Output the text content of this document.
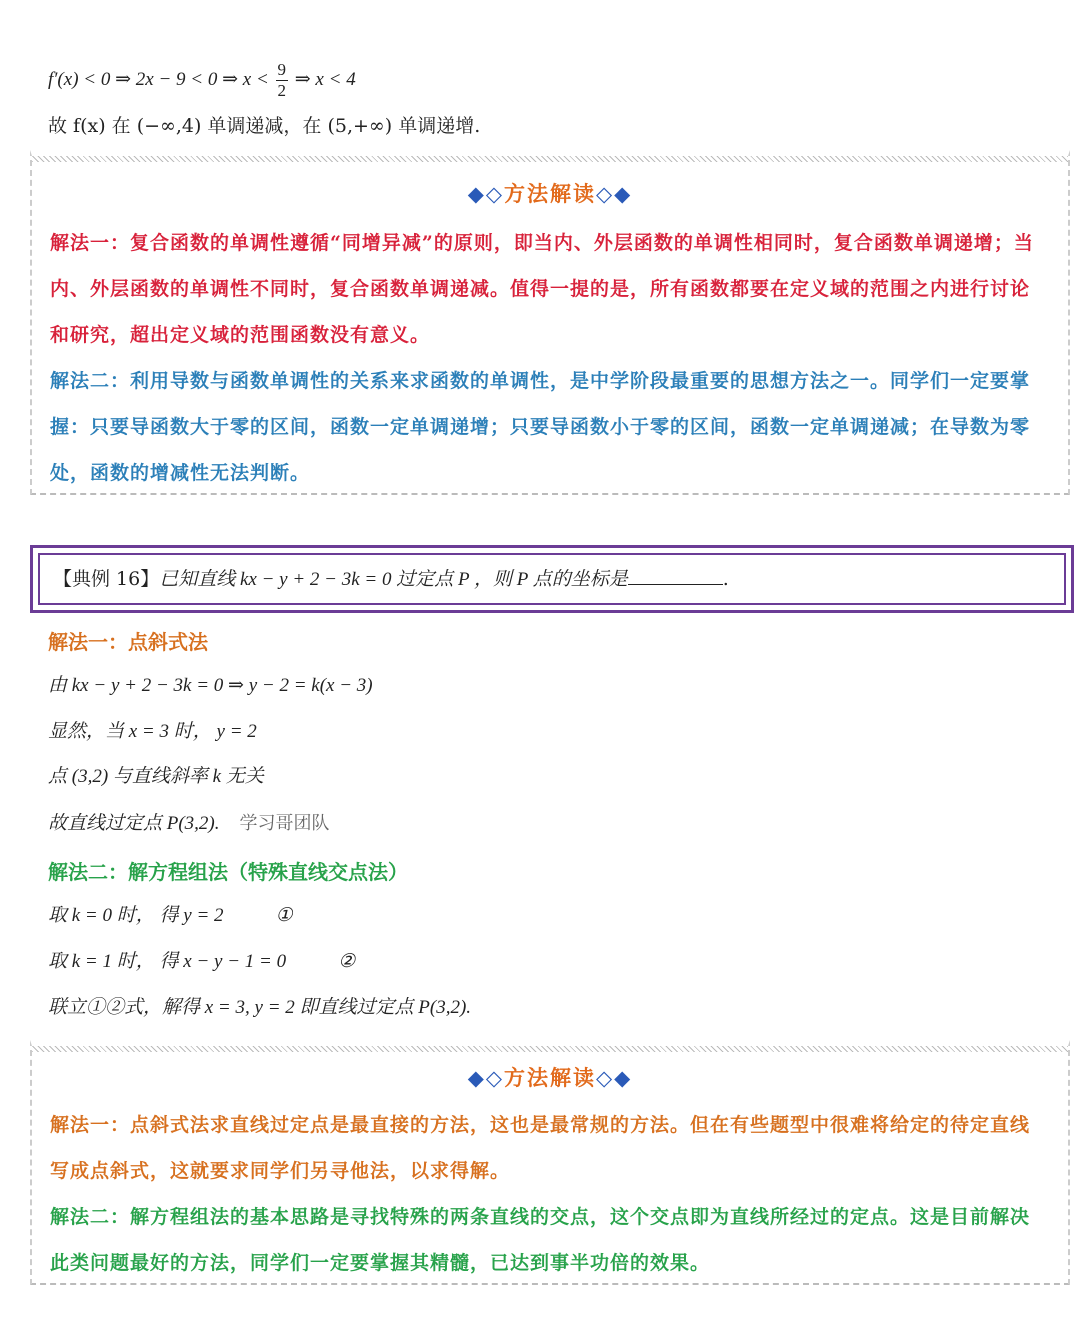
f′(x) < 0 ⇒ 2x − 9 < 0 ⇒ $x < \frac{9}{2}$ ⇒ x < 4
故 f(x) 在 (−∞,4) 单调递减，在 (5,+∞) 单调递增.
◆◇方法解读◇◆
解法一：复合函数的单调性遵循“同增异减”的原则，即当内、外层函数的单调性相同时，复合函数单调递增；当
内、外层函数的单调性不同时，复合函数单调递减。值得一提的是，所有函数都要在定义域的范围之内进行讨论
和研究，超出定义域的范围函数没有意义。
解法二：利用导数与函数单调性的关系来求函数的单调性，是中学阶段最重要的思想方法之一。同学们一定要掌
握：只要导函数大于零的区间，函数一定单调递增；只要导函数小于零的区间，函数一定单调递减；在导数为零
处，函数的增减性无法判断。
【典例 16】已知直线 kx − y + 2 − 3k = 0 过定点 P ，则 P 点的坐标是	.
解法一：点斜式法
由 kx − y + 2 − 3k = 0 ⇒ y − 2 = k(x − 3)
显然，当 x = 3 时， y = 2
点 (3,2) 与直线斜率 k 无关
故直线过定点 P(3,2). 学习哥团队
解法二：解方程组法（特殊直线交点法）
取 k = 0 时， 得 y = 2	①
取 k = 1 时， 得 x − y − 1 = 0	②
联立①②式，解得 x = 3, y = 2 即直线过定点 P(3,2).
◆◇方法解读◇◆
解法一：点斜式法求直线过定点是最直接的方法，这也是最常规的方法。但在有些题型中很难将给定的待定直线
写成点斜式，这就要求同学们另寻他法，以求得解。
解法二：解方程组法的基本思路是寻找特殊的两条直线的交点，这个交点即为直线所经过的定点。这是目前解决
此类问题最好的方法，同学们一定要掌握其精髓，已达到事半功倍的效果。
